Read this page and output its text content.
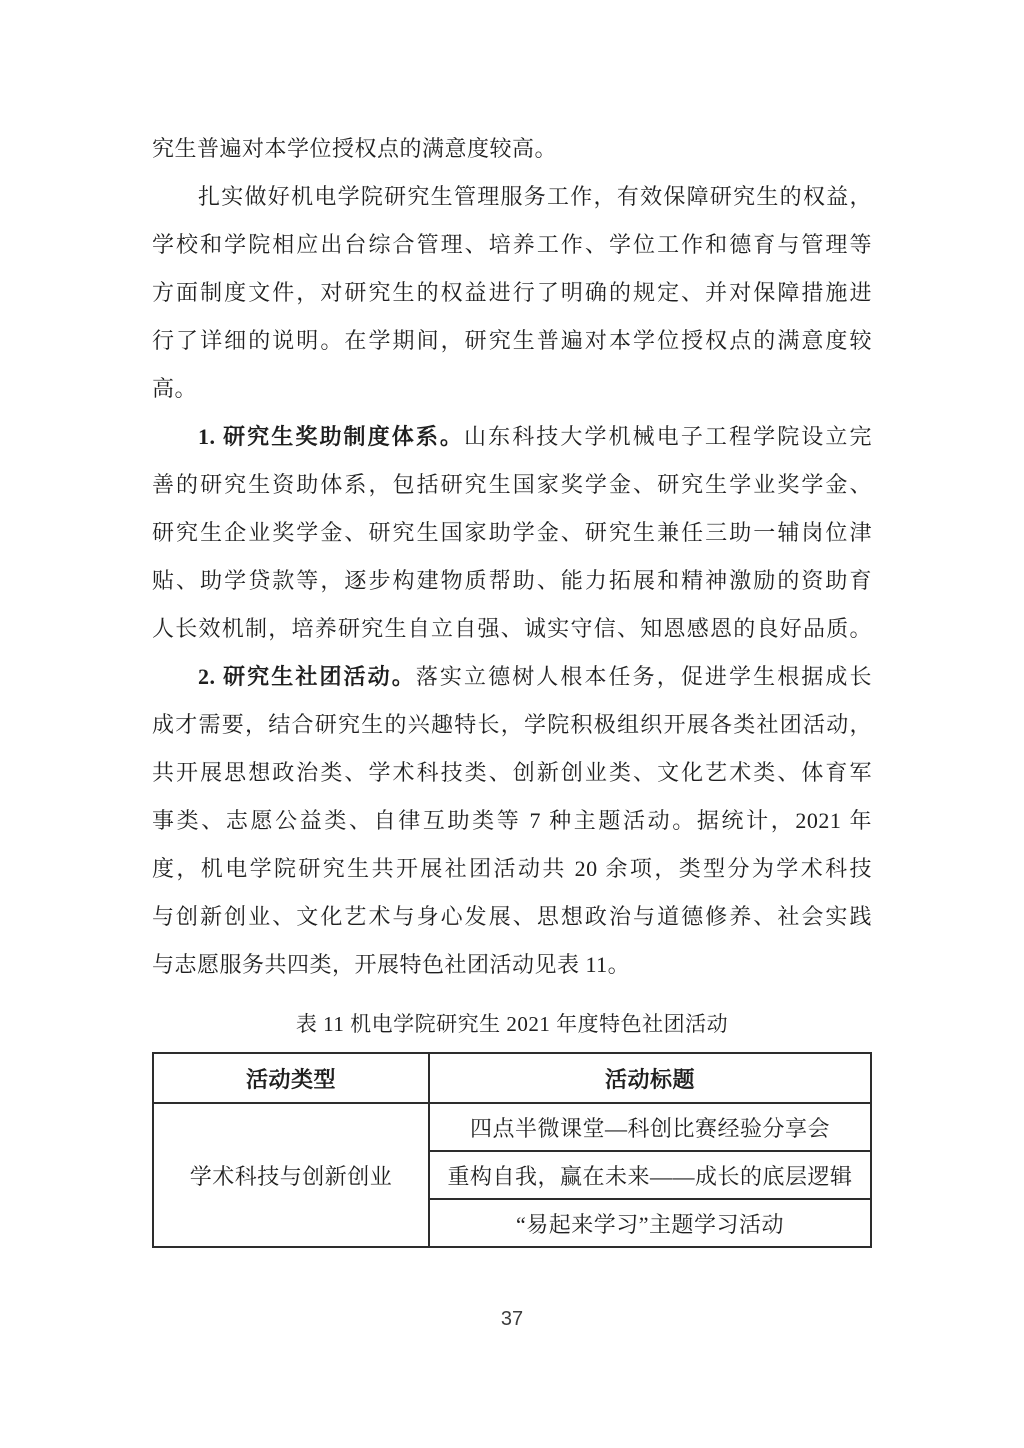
究生普遍对本学位授权点的满意度较高。
扎实做好机电学院研究生管理服务工作，有效保障研究生的权益，
学校和学院相应出台综合管理、培养工作、学位工作和德育与管理等
方面制度文件，对研究生的权益进行了明确的规定、并对保障措施进
行了详细的说明。在学期间，研究生普遍对本学位授权点的满意度较
高。
1. 研究生奖助制度体系。山东科技大学机械电子工程学院设立完
善的研究生资助体系，包括研究生国家奖学金、研究生学业奖学金、
研究生企业奖学金、研究生国家助学金、研究生兼任三助一辅岗位津
贴、助学贷款等，逐步构建物质帮助、能力拓展和精神激励的资助育
人长效机制，培养研究生自立自强、诚实守信、知恩感恩的良好品质。
2. 研究生社团活动。落实立德树人根本任务，促进学生根据成长
成才需要，结合研究生的兴趣特长，学院积极组织开展各类社团活动，
共开展思想政治类、学术科技类、创新创业类、文化艺术类、体育军
事类、志愿公益类、自律互助类等 7 种主题活动。据统计，2021 年
度，机电学院研究生共开展社团活动共 20 余项，类型分为学术科技
与创新创业、文化艺术与身心发展、思想政治与道德修养、社会实践
与志愿服务共四类，开展特色社团活动见表 11。
表 11 机电学院研究生 2021 年度特色社团活动
活动类型	活动标题
学术科技与创新创业	四点半微课堂—科创比赛经验分享会
	重构自我，赢在未来——成长的底层逻辑
	“易起来学习”主题学习活动
37
